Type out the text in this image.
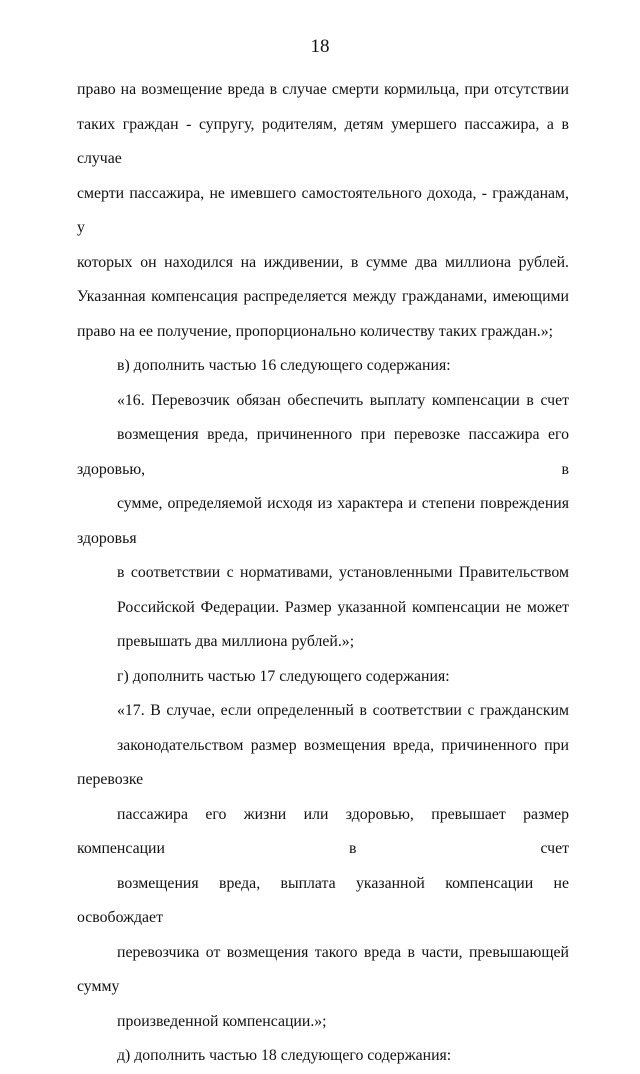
18

право на возмещение вреда в случае смерти кормильца, при отсутствии
таких граждан - супругу, родителям, детям умершего пассажира, а в случае
смерти пассажира, не имевшего самостоятельного дохода, - гражданам, у
которых он находился на иждивении, в сумме два миллиона рублей.
Указанная компенсация распределяется между гражданами, имеющими
право на ее получение, пропорционально количеству таких граждан.»;

в) дополнить частью 16 следующего содержания:

«16. Перевозчик обязан обеспечить выплату компенсации в счет
возмещения вреда, причиненного при перевозке пассажира его здоровью, в
сумме, определяемой исходя из характера и степени повреждения здоровья
в соответствии с нормативами, установленными Правительством
Российской Федерации. Размер указанной компенсации не может
превышать два миллиона рублей.»;

г) дополнить частью 17 следующего содержания:

«17. В случае, если определенный в соответствии с гражданским
законодательством размер возмещения вреда, причиненного при перевозке
пассажира его жизни или здоровью, превышает размер компенсации в счет
возмещения вреда, выплата указанной компенсации не освобождает
перевозчика от возмещения такого вреда в части, превышающей сумму
произведенной компенсации.»;

д) дополнить частью 18 следующего содержания:
